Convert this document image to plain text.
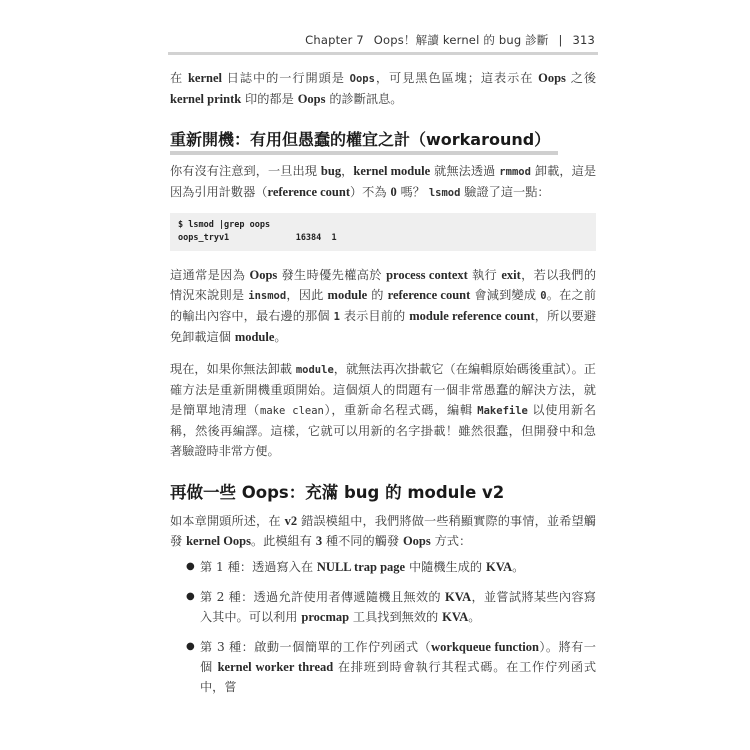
Chapter 7 Oops！解讀 kernel 的 bug 診斷 | 313

在 kernel 日誌中的一行開頭是 Oops，可見黑色區塊；這表示在 Oops 之後 kernel printk 印的都是 Oops 的診斷訊息。

重新開機：有用但愚蠢的權宜之計（workaround）

你有沒有注意到，一旦出現 bug，kernel module 就無法透過 rmmod 卸載，這是因為引用計數器（reference count）不為 0 嗎？ lsmod 驗證了這一點：

$ lsmod |grep oops
oops_tryv1             16384  1

這通常是因為 Oops 發生時優先權高於 process context 執行 exit，若以我們的情況來說則是 insmod，因此 module 的 reference count 會減到變成 0。在之前的輸出內容中，最右邊的那個 1 表示目前的 module reference count，所以要避免卸載這個 module。

現在，如果你無法卸載 module，就無法再次掛載它（在編輯原始碼後重試）。正確方法是重新開機重頭開始。這個煩人的問題有一個非常愚蠢的解決方法，就是簡單地清理（make clean），重新命名程式碼，編輯 Makefile 以使用新名稱，然後再編譯。這樣，它就可以用新的名字掛載！雖然很蠢，但開發中和急著驗證時非常方便。

再做一些 Oops：充滿 bug 的 module v2

如本章開頭所述，在 v2 錯誤模組中，我們將做一些稍顯實際的事情，並希望觸發 kernel Oops。此模組有 3 種不同的觸發 Oops 方式：

● 第 1 種：透過寫入在 NULL trap page 中隨機生成的 KVA。
● 第 2 種：透過允許使用者傳遞隨機且無效的 KVA，並嘗試將某些內容寫入其中。可以利用 procmap 工具找到無效的 KVA。
● 第 3 種：啟動一個簡單的工作佇列函式（workqueue function）。將有一個 kernel worker thread 在排班到時會執行其程式碼。在工作佇列函式中，嘗
